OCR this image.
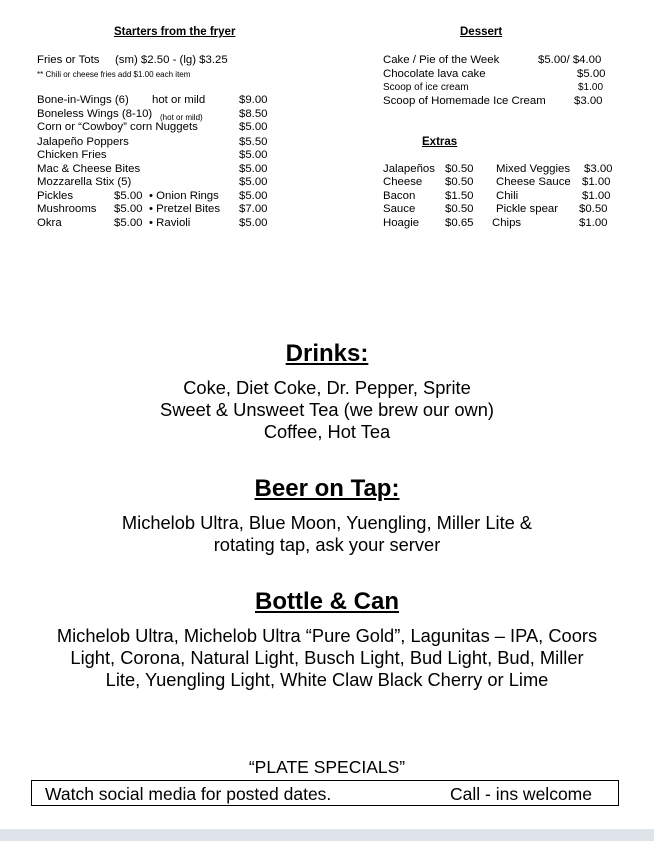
Starters from the fryer
Fries or Tots (sm) $2.50 - (lg) $3.25
** Chili or cheese fries add $1.00 each item
Bone-in-Wings (6) hot or mild	$9.00
Boneless Wings (8-10) (hot or mild)	$8.50
Corn or “Cowboy” corn Nuggets	$5.00
Jalapeño Poppers	$5.50
Chicken Fries	$5.00
Mac & Cheese Bites	$5.00
Mozzarella Stix (5)	$5.00
Pickles	$5.00 • Onion Rings $5.00
Mushrooms $5.00 • Pretzel Bites $7.00
Okra	$5.00 • Ravioli	$5.00
Dessert
Cake / Pie of the Week	$5.00/ $4.00
Chocolate lava cake	$5.00
Scoop of ice cream	$1.00
Scoop of Homemade Ice Cream $3.00
Extras
Jalapeños $0.50 Mixed Veggies $3.00
Cheese $0.50 Cheese Sauce $1.00
Bacon	$1.50 Chili	$1.00
Sauce	$0.50 Pickle spear $0.50
Hoagie $0.65 Chips	$1.00
Drinks:
Coke, Diet Coke, Dr. Pepper, Sprite
Sweet & Unsweet Tea (we brew our own)
Coffee, Hot Tea
Beer on Tap:
Michelob Ultra, Blue Moon, Yuengling, Miller Lite &
rotating tap, ask your server
Bottle & Can
Michelob Ultra, Michelob Ultra “Pure Gold”, Lagunitas – IPA, Coors
Light, Corona, Natural Light, Busch Light, Bud Light, Bud, Miller
Lite, Yuengling Light, White Claw Black Cherry or Lime
“PLATE SPECIALS”
Watch social media for posted dates.	Call - ins welcome
